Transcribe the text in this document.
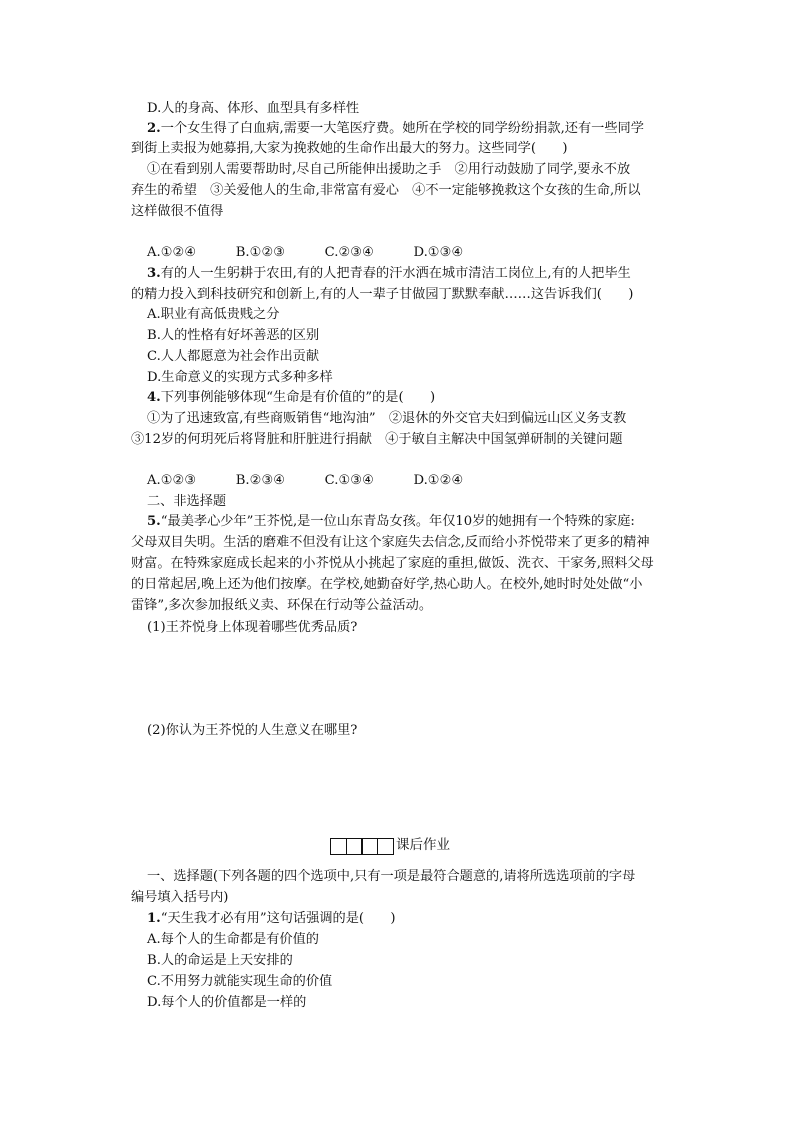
课后作业
D.人的身高、体形、血型具有多样性
2.一个女生得了白血病,需要一大笔医疗费。她所在学校的同学纷纷捐款,还有一些同学
到街上卖报为她募捐,大家为挽救她的生命作出最大的努力。这些同学(　　)
①在看到别人需要帮助时,尽自己所能伸出援助之手　②用行动鼓励了同学,要永不放
弃生的希望　③关爱他人的生命,非常富有爱心　④不一定能够挽救这个女孩的生命,所以
这样做很不值得
A.①②④　　　B.①②③　　　C.②③④　　　D.①③④
3.有的人一生躬耕于农田,有的人把青春的汗水洒在城市清洁工岗位上,有的人把毕生
的精力投入到科技研究和创新上,有的人一辈子甘做园丁默默奉献……这告诉我们(　　)
A.职业有高低贵贱之分
B.人的性格有好坏善恶的区别
C.人人都愿意为社会作出贡献
D.生命意义的实现方式多种多样
4.下列事例能够体现“生命是有价值的”的是(　　)
①为了迅速致富,有些商贩销售“地沟油”　②退休的外交官夫妇到偏远山区义务支教
③12岁的何玥死后将肾脏和肝脏进行捐献　④于敏自主解决中国氢弹研制的关键问题
A.①②③　　　B.②③④　　　C.①③④　　　D.①②④
二、非选择题
5.“最美孝心少年”王芥悦,是一位山东青岛女孩。年仅10岁的她拥有一个特殊的家庭:
父母双目失明。生活的磨难不但没有让这个家庭失去信念,反而给小芥悦带来了更多的精神
财富。在特殊家庭成长起来的小芥悦从小挑起了家庭的重担,做饭、洗衣、干家务,照料父母
的日常起居,晚上还为他们按摩。在学校,她勤奋好学,热心助人。在校外,她时时处处做“小
雷锋”,多次参加报纸义卖、环保在行动等公益活动。
(1)王芥悦身上体现着哪些优秀品质?
(2)你认为王芥悦的人生意义在哪里?
一、选择题(下列各题的四个选项中,只有一项是最符合题意的,请将所选选项前的字母
编号填入括号内)
1.“天生我才必有用”这句话强调的是(　　)
A.每个人的生命都是有价值的
B.人的命运是上天安排的
C.不用努力就能实现生命的价值
D.每个人的价值都是一样的
